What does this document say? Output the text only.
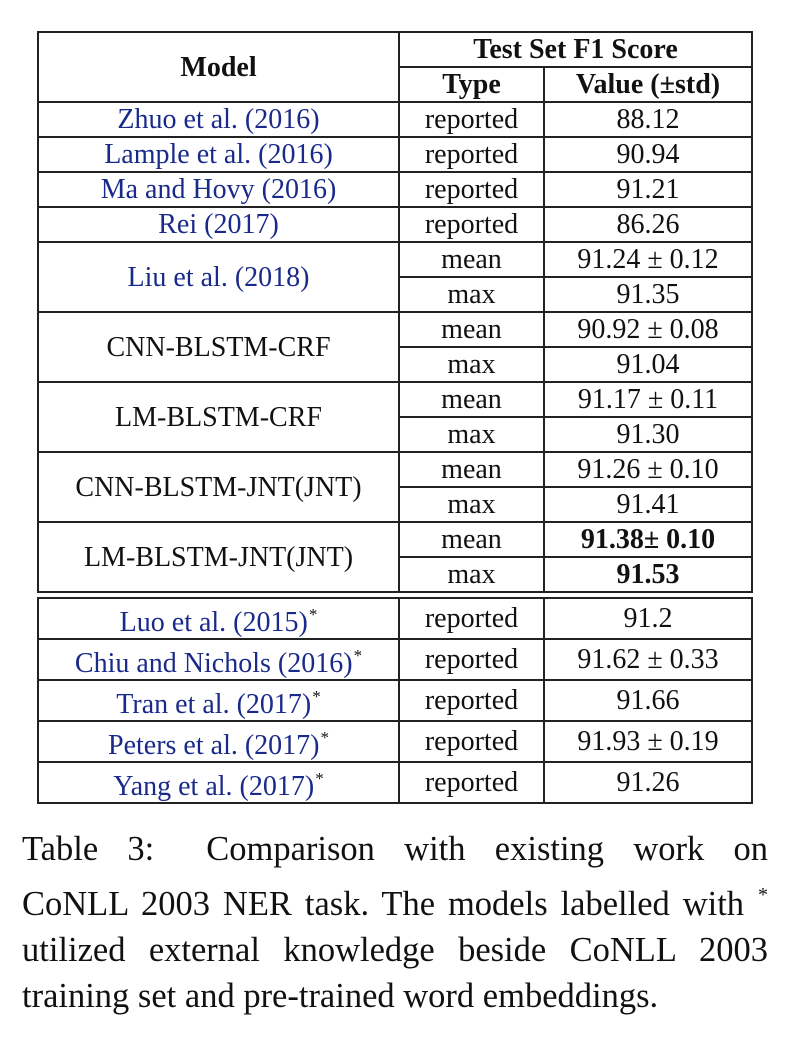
Model	Test Set F1 Score	
	Type	Value (±std)
Zhuo et al. (2016)	reported	88.12
Lample et al. (2016)	reported	90.94
Ma and Hovy (2016)	reported	91.21
Rei (2017)	reported	86.26
Liu et al. (2018)	mean	91.24 ± 0.12
	max	91.35
CNN-BLSTM-CRF	mean	90.92 ± 0.08
	max	91.04
LM-BLSTM-CRF	mean	91.17 ± 0.11
	max	91.30
CNN-BLSTM-JNT(JNT)	mean	91.26 ± 0.10
	max	91.41
LM-BLSTM-JNT(JNT)	mean	91.38± 0.10
	max	91.53
Luo et al. (2015)*	reported	91.2
Chiu and Nichols (2016)*	reported	91.62 ± 0.33
Tran et al. (2017)*	reported	91.66
Peters et al. (2017)*	reported	91.93 ± 0.19
Yang et al. (2017)*	reported	91.26
Table 3: Comparison with existing work on CoNLL 2003 NER task. The models labelled with * utilized external knowledge beside CoNLL 2003 training set and pre-trained word embeddings.
